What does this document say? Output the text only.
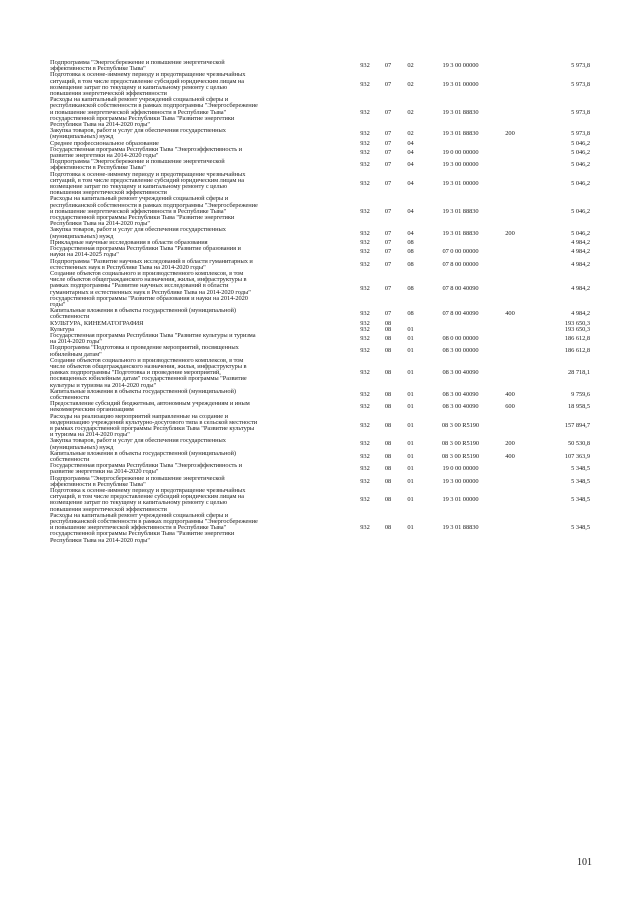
Подпрограмма "Энергосбережение и повышение энергетической
эффективности в Республике Тыва"	932	07	02	19 3 00 00000	5 973,8
Подготовка к осенне-зимнему периоду и предотвращение чрезвычайных
ситуаций, в том числе предоставление субсидий юридическим лицам на
возмещение затрат по текущему и капитальному ремонту с целью
повышения энергетической эффективности
932	07	02	19 3 01 00000	5 973,8
Расходы на капитальный ремонт учреждений социальной сферы и
республиканской собственности в рамках подпрограммы "Энергосбережение
и повышение энергетической эффективности в Республике Тыва"
государственной программы Республики Тыва "Развитие энергетики
Республики Тыва на 2014-2020 годы"
932	07	02	19 3 01 88830	5 973,8
Закупка товаров, работ и услуг для обеспечения государственных
(муниципальных) нужд	932	07	02	19 3 01 88830	200	5 973,8
Среднее профессиональное образование	932	07	04	5 046,2
Государственная программа Республики Тыва "Энергоэффективность и
развитие энергетики на 2014-2020 годы"	932	07	04	19 0 00 00000	5 046,2
Подпрограмма "Энергосбережение и повышение энергетической
эффективности в Республике Тыва"	932	07	04	19 3 00 00000	5 046,2
Подготовка к осенне-зимнему периоду и предотвращение чрезвычайных
ситуаций, в том числе предоставление субсидий юридическим лицам на
возмещение затрат по текущему и капитальному ремонту с целью
повышения энергетической эффективности
932	07	04	19 3 01 00000	5 046,2
Расходы на капитальный ремонт учреждений социальной сферы и
республиканской собственности в рамках подпрограммы "Энергосбережение
и повышение энергетической эффективности в Республике Тыва"
государственной программы Республики Тыва "Развитие энергетики
Республики Тыва на 2014-2020 годы"
932	07	04	19 3 01 88830	5 046,2
Закупка товаров, работ и услуг для обеспечения государственных
(муниципальных) нужд	932	07	04	19 3 01 88830	200	5 046,2
Прикладные научные исследования в области образования	932	07	08	4 984,2
Государственная программа Республики Тыва "Развитие образования и
науки на 2014-2025 годы"	932	07	08	07 0 00 00000	4 984,2
Подпрограмма "Развитие научных исследований в области гуманитарных и
естественных наук в Республике Тыва на 2014-2020 годы"	932	07	08	07 8 00 00000	4 984,2
Создание объектов социального и производственного комплексов, в том
числе объектов общегражданского назначения, жилья, инфраструктуры в
рамках подпрограммы "Развитие научных исследований в области
гуманитарных и естественных наук в Республике Тыва на 2014-2020 годы"
государственной программы "Развитие образования и науки на 2014-2020
годы"
932	07	08	07 8 00 40090	4 984,2
Капитальные вложения в объекты государственной (муниципальной)
собственности	932	07	08	07 8 00 40090	400	4 984,2
КУЛЬТУРА, КИНЕМАТОГРАФИЯ	932	08	193 650,3
Культура	932	08	01	193 650,3
Государственная программа Республики Тыва "Развитие культуры и туризма
на 2014-2020 годы"	932	08	01	08 0 00 00000	186 612,8
Подпрограмма "Подготовка и проведение мероприятий, посвященных
юбилейным датам"	932	08	01	08 3 00 00000	186 612,8
Создание объектов социального и производственного комплексов, в том
числе объектов общегражданского назначения, жилья, инфраструктуры в
рамках подпрограммы "Подготовка и проведение мероприятий,
посвященных юбилейным датам" государственной программы "Развитие
культуры и туризма на 2014-2020 годы"
932	08	01	08 3 00 40090	28 718,1
Капитальные вложения в объекты государственной (муниципальной)
собственности	932	08	01	08 3 00 40090	400	9 759,6
Предоставление субсидий бюджетным, автономным учреждениям и иным
некоммерческим организациям	932	08	01	08 3 00 40090	600	18 958,5
Расходы на реализацию мероприятий направленные на создание и
модернизацию учреждений культурно-досугового типа в сельской местности
в рамках государственной программы Республики Тыва "Развитие культуры
и туризма на 2014-2020 годы"
932	08	01	08 3 00 R5190	157 894,7
Закупка товаров, работ и услуг для обеспечения государственных
(муниципальных) нужд	932	08	01	08 3 00 R5190	200	50 530,8
Капитальные вложения в объекты государственной (муниципальной)
собственности	932	08	01	08 3 00 R5190	400	107 363,9
Государственная программа Республики Тыва "Энергоэффективность и
развитие энергетики на 2014-2020 годы"	932	08	01	19 0 00 00000	5 348,5
Подпрограмма "Энергосбережение и повышение энергетической
эффективности в Республике Тыва"	932	08	01	19 3 00 00000	5 348,5
Подготовка к осенне-зимнему периоду и предотвращение чрезвычайных
ситуаций, в том числе предоставление субсидий юридическим лицам на
возмещение затрат по текущему и капитальному ремонту с целью
повышения энергетической эффективности
932	08	01	19 3 01 00000	5 348,5
Расходы на капитальный ремонт учреждений социальной сферы и
республиканской собственности в рамках подпрограммы "Энергосбережение
и повышение энергетической эффективности в Республике Тыва"
государственной программы Республики Тыва "Развитие энергетики
Республики Тыва на 2014-2020 годы"
932	08	01	19 3 01 88830	5 348,5
101
